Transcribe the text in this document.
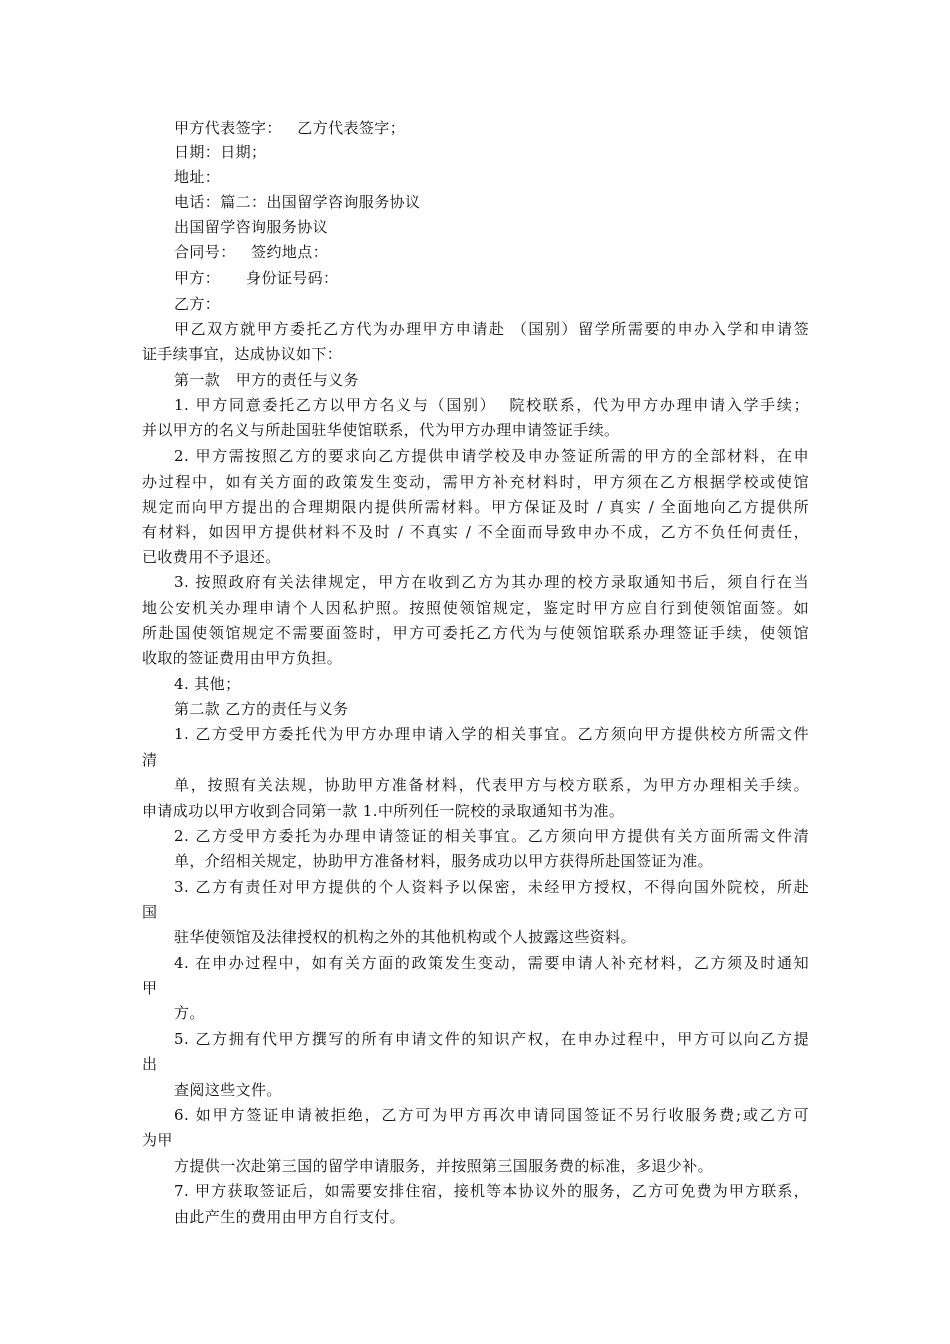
甲方代表签字：   乙方代表签字；
日期：日期；
地址：
电话：篇二：出国留学咨询服务协议
出国留学咨询服务协议
合同号：   签约地点：
甲方：     身份证号码：
乙方：
甲乙双方就甲方委托乙方代为办理甲方申请赴 （国别）留学所需要的申办入学和申请签
证手续事宜，达成协议如下：
第一款   甲方的责任与义务
1. 甲方同意委托乙方以甲方名义与（国别）  院校联系，代为甲方办理申请入学手续；
并以甲方的名义与所赴国驻华使馆联系，代为甲方办理申请签证手续。
2. 甲方需按照乙方的要求向乙方提供申请学校及申办签证所需的甲方的全部材料，在申
办过程中，如有关方面的政策发生变动，需甲方补充材料时，甲方须在乙方根据学校或使馆
规定而向甲方提出的合理期限内提供所需材料。甲方保证及时 / 真实 / 全面地向乙方提供所
有材料，如因甲方提供材料不及时 / 不真实 / 不全面而导致申办不成，乙方不负任何责任，
已收费用不予退还。
3. 按照政府有关法律规定，甲方在收到乙方为其办理的校方录取通知书后，须自行在当
地公安机关办理申请个人因私护照。按照使领馆规定，鉴定时甲方应自行到使领馆面签。如
所赴国使领馆规定不需要面签时，甲方可委托乙方代为与使领馆联系办理签证手续，使领馆
收取的签证费用由甲方负担。
4. 其他；
第二款 乙方的责任与义务
1. 乙方受甲方委托代为甲方办理申请入学的相关事宜。乙方须向甲方提供校方所需文件
清
单，按照有关法规，协助甲方准备材料，代表甲方与校方联系，为甲方办理相关手续。
申请成功以甲方收到合同第一款 1.中所列任一院校的录取通知书为准。
2. 乙方受甲方委托为办理申请签证的相关事宜。乙方须向甲方提供有关方面所需文件清
单，介绍相关规定，协助甲方准备材料，服务成功以甲方获得所赴国签证为准。
3. 乙方有责任对甲方提供的个人资料予以保密，未经甲方授权，不得向国外院校，所赴
国
驻华使领馆及法律授权的机构之外的其他机构或个人披露这些资料。
4. 在申办过程中，如有关方面的政策发生变动，需要申请人补充材料，乙方须及时通知
甲
方。
5. 乙方拥有代甲方撰写的所有申请文件的知识产权，在申办过程中，甲方可以向乙方提
出
查阅这些文件。
6. 如甲方签证申请被拒绝，乙方可为甲方再次申请同国签证不另行收服务费;或乙方可
为甲
方提供一次赴第三国的留学申请服务，并按照第三国服务费的标准，多退少补。
7. 甲方获取签证后，如需要安排住宿，接机等本协议外的服务，乙方可免费为甲方联系，
由此产生的费用由甲方自行支付。
